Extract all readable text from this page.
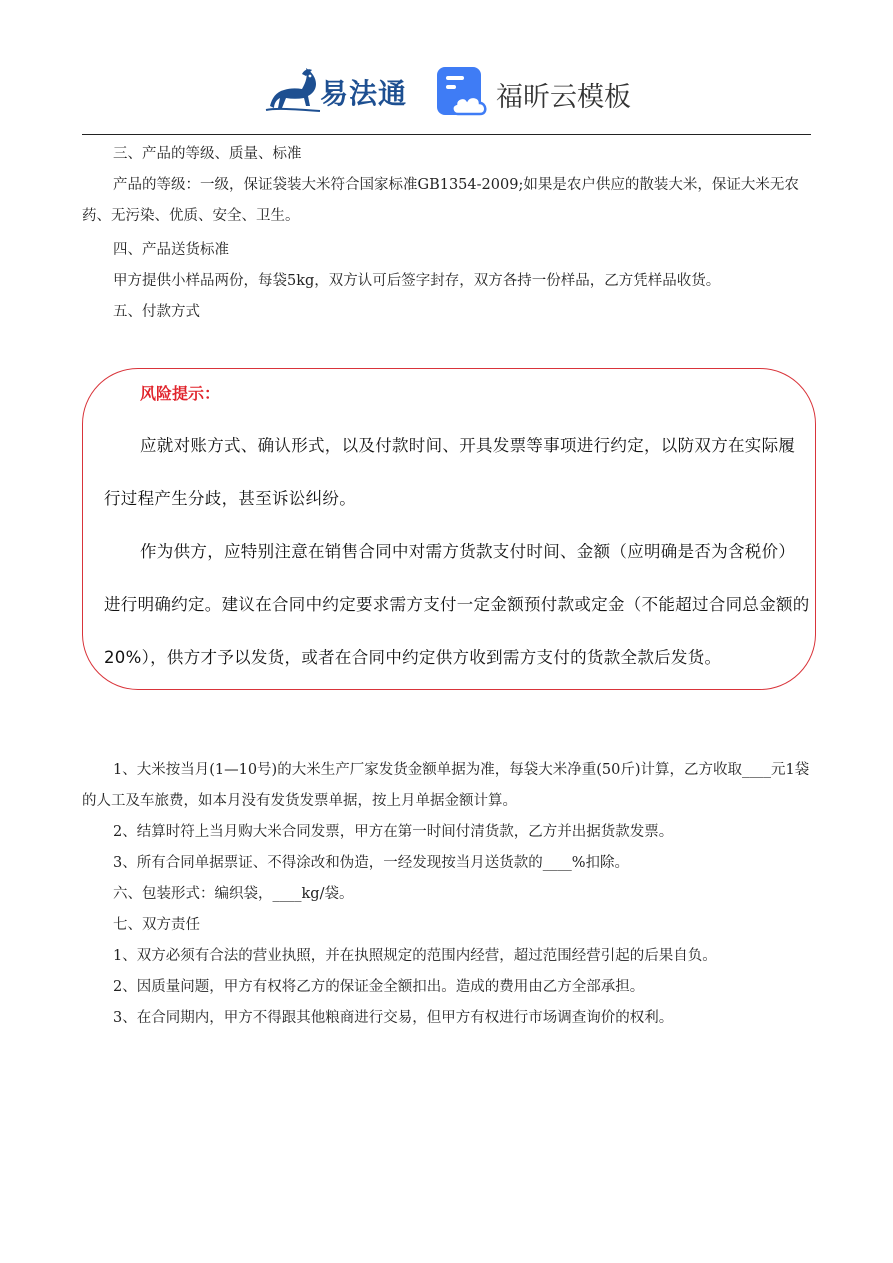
易法通	福昕云模板

三、产品的等级、质量、标准

产品的等级：一级，保证袋装大米符合国家标准GB1354-2009;如果是农户供应的散装大米，保证大米无农药、无污染、优质、安全、卫生。

四、产品送货标准

甲方提供小样品两份，每袋5kg，双方认可后签字封存，双方各持一份样品，乙方凭样品收货。

五、付款方式

风险提示：

应就对账方式、确认形式，以及付款时间、开具发票等事项进行约定，以防双方在实际履行过程产生分歧，甚至诉讼纠纷。

作为供方，应特别注意在销售合同中对需方货款支付时间、金额（应明确是否为含税价）进行明确约定。建议在合同中约定要求需方支付一定金额预付款或定金（不能超过合同总金额的 20%），供方才予以发货，或者在合同中约定供方收到需方支付的货款全款后发货。

1、大米按当月(1—10号)的大米生产厂家发货金额单据为准，每袋大米净重(50斤)计算，乙方收取____元1袋的人工及车旅费，如本月没有发货发票单据，按上月单据金额计算。

2、结算时符上当月购大米合同发票，甲方在第一时间付清货款，乙方并出据货款发票。

3、所有合同单据票证、不得涂改和伪造，一经发现按当月送货款的____%扣除。

六、包装形式：编织袋，____kg/袋。

七、双方责任

1、双方必须有合法的营业执照，并在执照规定的范围内经营，超过范围经营引起的后果自负。

2、因质量问题，甲方有权将乙方的保证金全额扣出。造成的费用由乙方全部承担。

3、在合同期内，甲方不得跟其他粮商进行交易，但甲方有权进行市场调查询价的权利。
